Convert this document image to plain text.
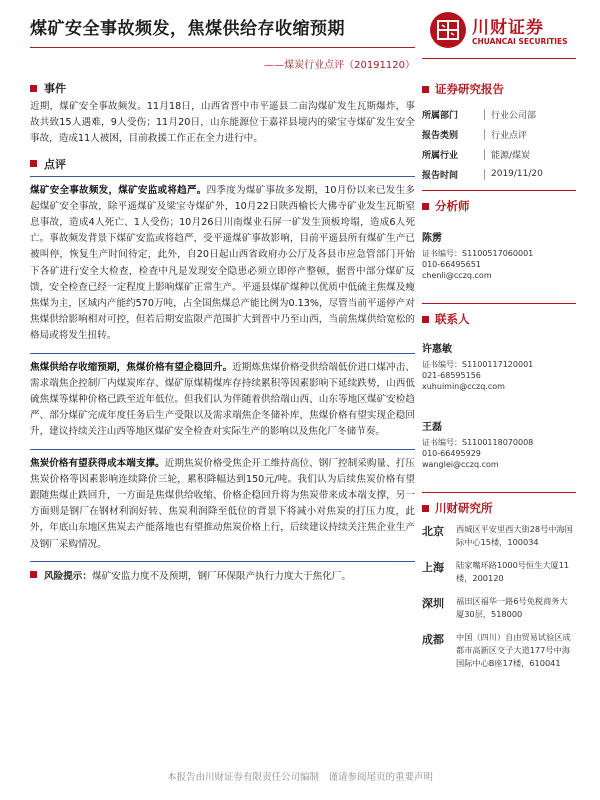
煤矿安全事故频发，焦煤供给存收缩预期
——煤炭行业点评（20191120）
川财证券
CHUANCAI SECURITIES
事件

近期，煤矿安全事故频发。11月18日，山西省晋中市平遥县二亩沟煤矿发生瓦斯爆炸，事故共致15人遇难，9人受伤；11月20日，山东能源位于嘉祥县境内的梁宝寺煤矿发生安全事故，造成11人被困，目前救援工作正在全力进行中。

点评

煤矿安全事故频发，煤矿安监或将趋严。四季度为煤矿事故多发期，10月份以来已发生多起煤矿安全事故，除平遥煤矿及梁宝寺煤矿外，10月22日陕西榆长大佛寺矿业发生瓦斯窒息事故，造成4人死亡、1人受伤；10月26日川南煤业石屏一矿发生顶板垮塌，造成6人死亡。事故频发背景下煤矿安监或将趋严，受平遥煤矿事故影响，目前平遥县所有煤矿生产已被叫停，恢复生产时间待定，此外，自20日起山西省政府办公厅及各县市应急管部门开始下各矿进行安全大检查，检查中凡是发现安全隐患必须立即停产整顿，据晋中部分煤矿反馈，安全检查已经一定程度上影响煤矿正常生产。平遥县煤矿煤种以优质中低硫主焦煤及瘦焦煤为主，区域内产能约570万吨，占全国焦煤总产能比例为0.13%，尽管当前平遥停产对焦煤供给影响相对可控，但若后期安监限产范围扩大到晋中乃至山西，当前焦煤供给宽松的格局或将发生扭转。

焦煤供给存收缩预期，焦煤价格有望企稳回升。近期炼焦煤价格受供给端低价进口煤冲击、需求端焦企控制厂内煤炭库存、煤矿原煤精煤库存持续累积等因素影响下延续跌势，山西低硫焦煤等煤种价格已跌至近年低位。但我们认为伴随着供给端山西、山东等地区煤矿安检趋严、部分煤矿完成年度任务后生产受限以及需求端焦企冬储补库，焦煤价格有望实现企稳回升，建议持续关注山西等地区煤矿安全检查对实际生产的影响以及焦化厂冬储节奏。

焦炭价格有望获得成本端支撑。近期焦炭价格受焦企开工维持高位、钢厂控制采购量、打压焦炭价格等因素影响连续降价三轮，累积降幅达到150元/吨。我们认为后续焦炭价格有望跟随焦煤止跌回升，一方面是焦煤供给收缩、价格企稳回升将为焦炭带来成本端支撑，另一方面则是钢厂在钢材利润好转、焦炭利润降至低位的背景下将减小对焦炭的打压力度，此外，年底山东地区焦炭去产能落地也有望推动焦炭价格上行，后续建议持续关注焦企业生产及钢厂采购情况。

风险提示：煤矿安监力度不及预期，钢厂环保限产执行力度大于焦化厂。
证券研究报告
所属部门	行业公司部
报告类别	行业点评
所属行业	能源/煤炭
报告时间	2019/11/20
分析师
陈雳
证书编号：S1100517060001
010-66495651
chenli@cczq.com
联系人
许惠敏
证书编号：S1100117120001
021-68595156
xuhuimin@cczq.com
王磊
证书编号：S1100118070008
010-66495929
wanglei@cczq.com
川财研究所
北京 西城区平安里西大街28号中海国际中心15楼，100034
上海 陆家嘴环路1000号恒生大厦11楼，200120
深圳 福田区福华一路6号免税商务大厦30层，518000
成都 中国（四川）自由贸易试验区成都市高新区交子大道177号中海国际中心B座17楼，610041
本报告由川财证券有限责任公司编制　谨请参阅尾页的重要声明
